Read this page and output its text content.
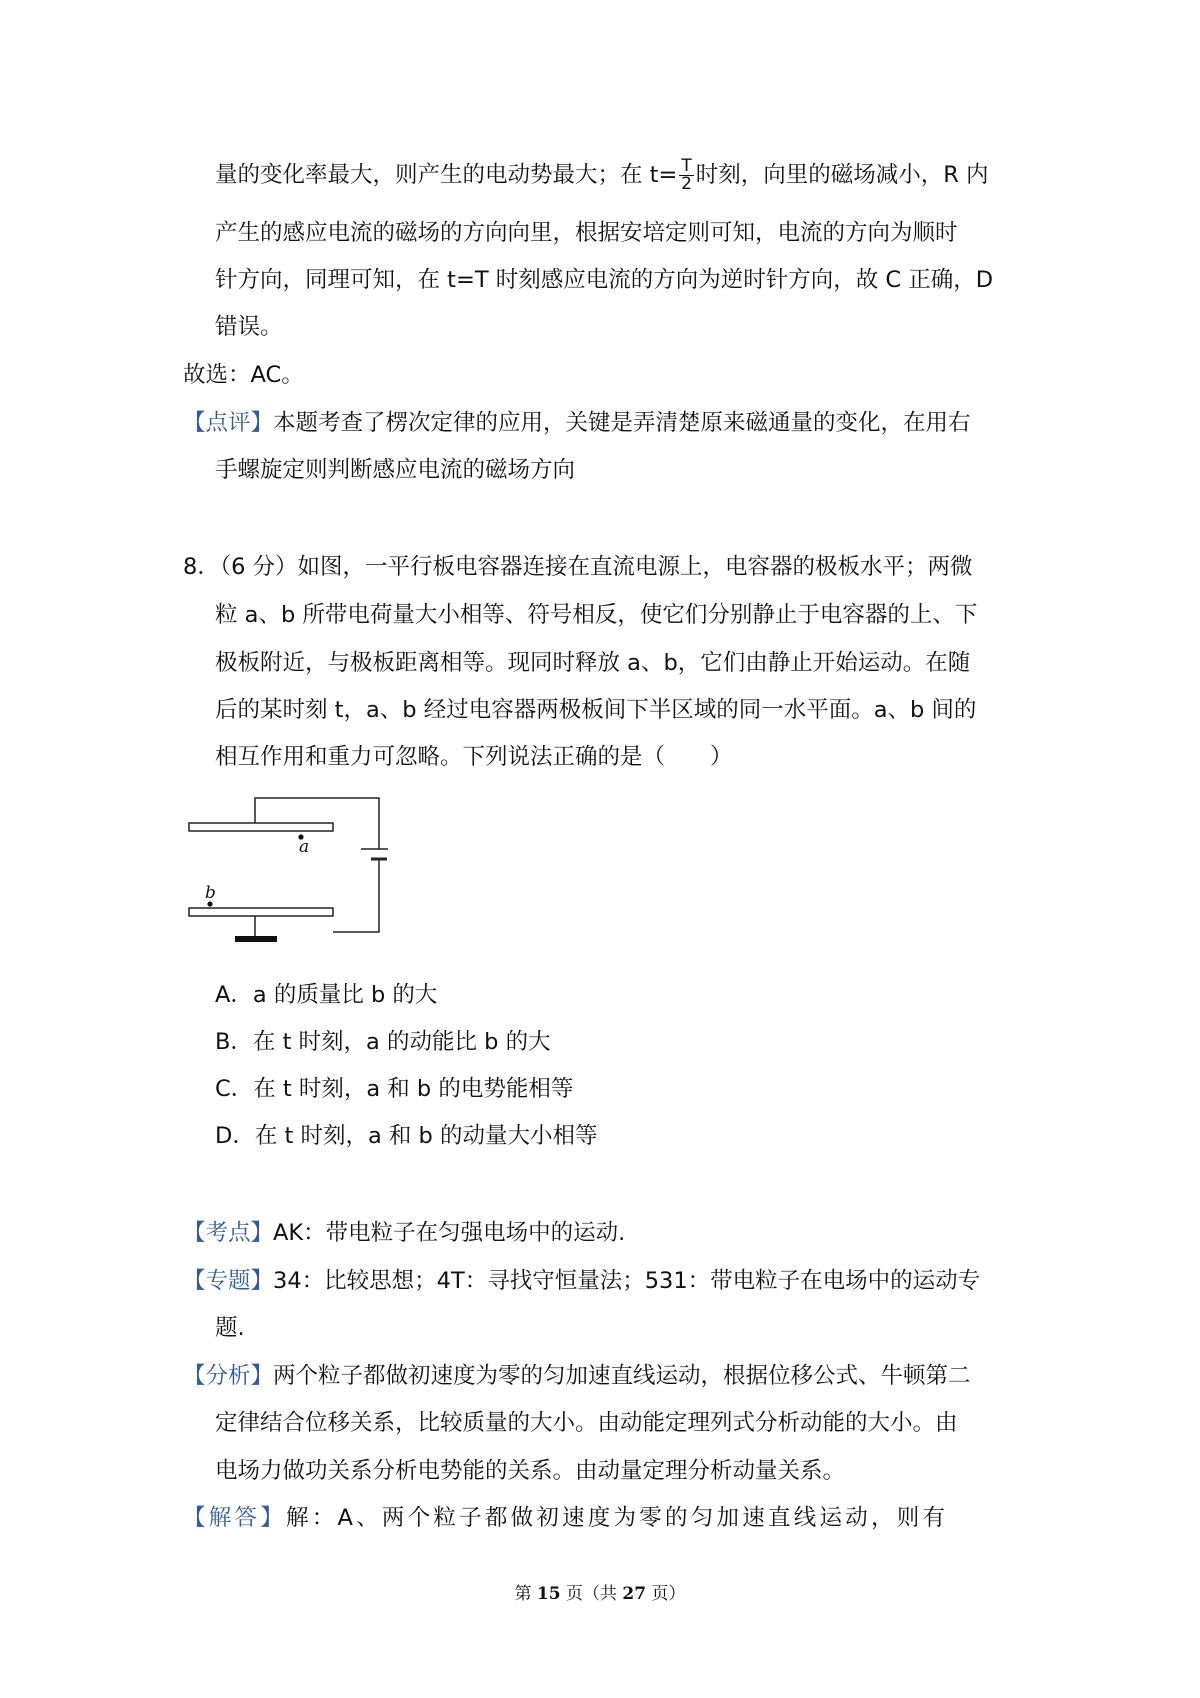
量的变化率最大，则产生的电动势最大；在 $t= \frac{T}{2}$ 时刻，向里的磁场减小，R 内
产生的感应电流的磁场的方向向里，根据安培定则可知，电流的方向为顺时
针方向，同理可知，在 t=T 时刻感应电流的方向为逆时针方向，故 C 正确，D
错误。
故选：AC。
【点评】本题考查了楞次定律的应用，关键是弄清楚原来磁通量的变化，在用右
手螺旋定则判断感应电流的磁场方向
8．（6 分）如图，一平行板电容器连接在直流电源上，电容器的极板水平；两微
粒 a、b 所带电荷量大小相等、符号相反，使它们分别静止于电容器的上、下
极板附近，与极板距离相等。现同时释放 a、b，它们由静止开始运动。在随
后的某时刻 t，a、b 经过电容器两极板间下半区域的同一水平面。a、b 间的
相互作用和重力可忽略。下列说法正确的是（　　）
a
b
A．a 的质量比 b 的大
B．在 t 时刻，a 的动能比 b 的大
C．在 t 时刻，a 和 b 的电势能相等
D．在 t 时刻，a 和 b 的动量大小相等
【考点】AK：带电粒子在匀强电场中的运动.
【专题】34：比较思想；4T：寻找守恒量法；531：带电粒子在电场中的运动专
题.
【分析】两个粒子都做初速度为零的匀加速直线运动，根据位移公式、牛顿第二
定律结合位移关系，比较质量的大小。由动能定理列式分析动能的大小。由
电场力做功关系分析电势能的关系。由动量定理分析动量关系。
【解答】解：A、两个粒子都做初速度为零的匀加速直线运动，则有
第 15 页（共 27 页）
